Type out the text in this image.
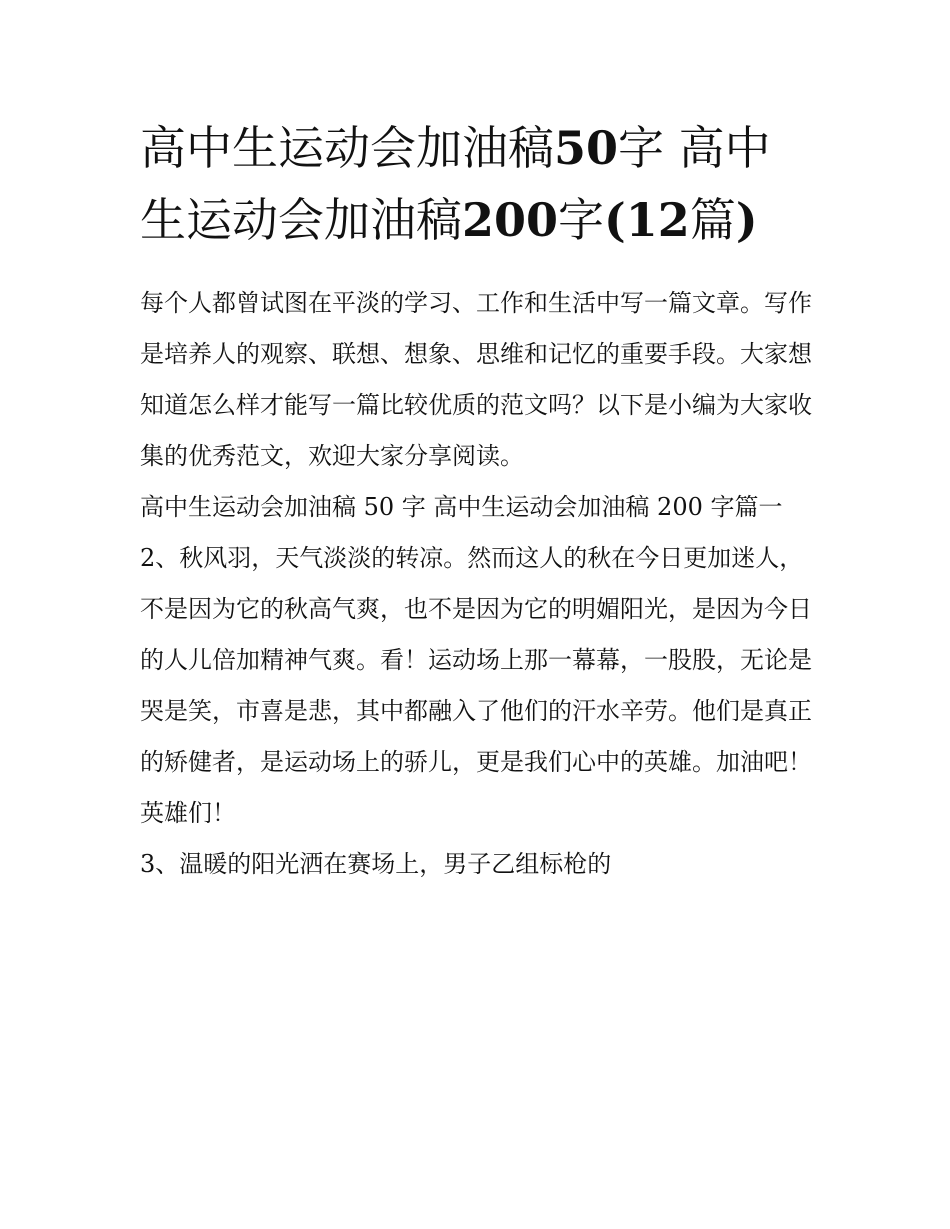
高中生运动会加油稿50字 高中生运动会加油稿200字(12篇)

每个人都曾试图在平淡的学习、工作和生活中写一篇文章。写作是培养人的观察、联想、想象、思维和记忆的重要手段。大家想知道怎么样才能写一篇比较优质的范文吗？以下是小编为大家收集的优秀范文，欢迎大家分享阅读。

高中生运动会加油稿 50 字 高中生运动会加油稿 200 字篇一

2、秋风羽，天气淡淡的转凉。然而这人的秋在今日更加迷人，不是因为它的秋高气爽，也不是因为它的明媚阳光，是因为今日的人儿倍加精神气爽。看！运动场上那一幕幕，一股股，无论是哭是笑，市喜是悲，其中都融入了他们的汗水辛劳。他们是真正的矫健者，是运动场上的骄儿，更是我们心中的英雄。加油吧！英雄们！

3、温暖的阳光洒在赛场上，男子乙组标枪的
